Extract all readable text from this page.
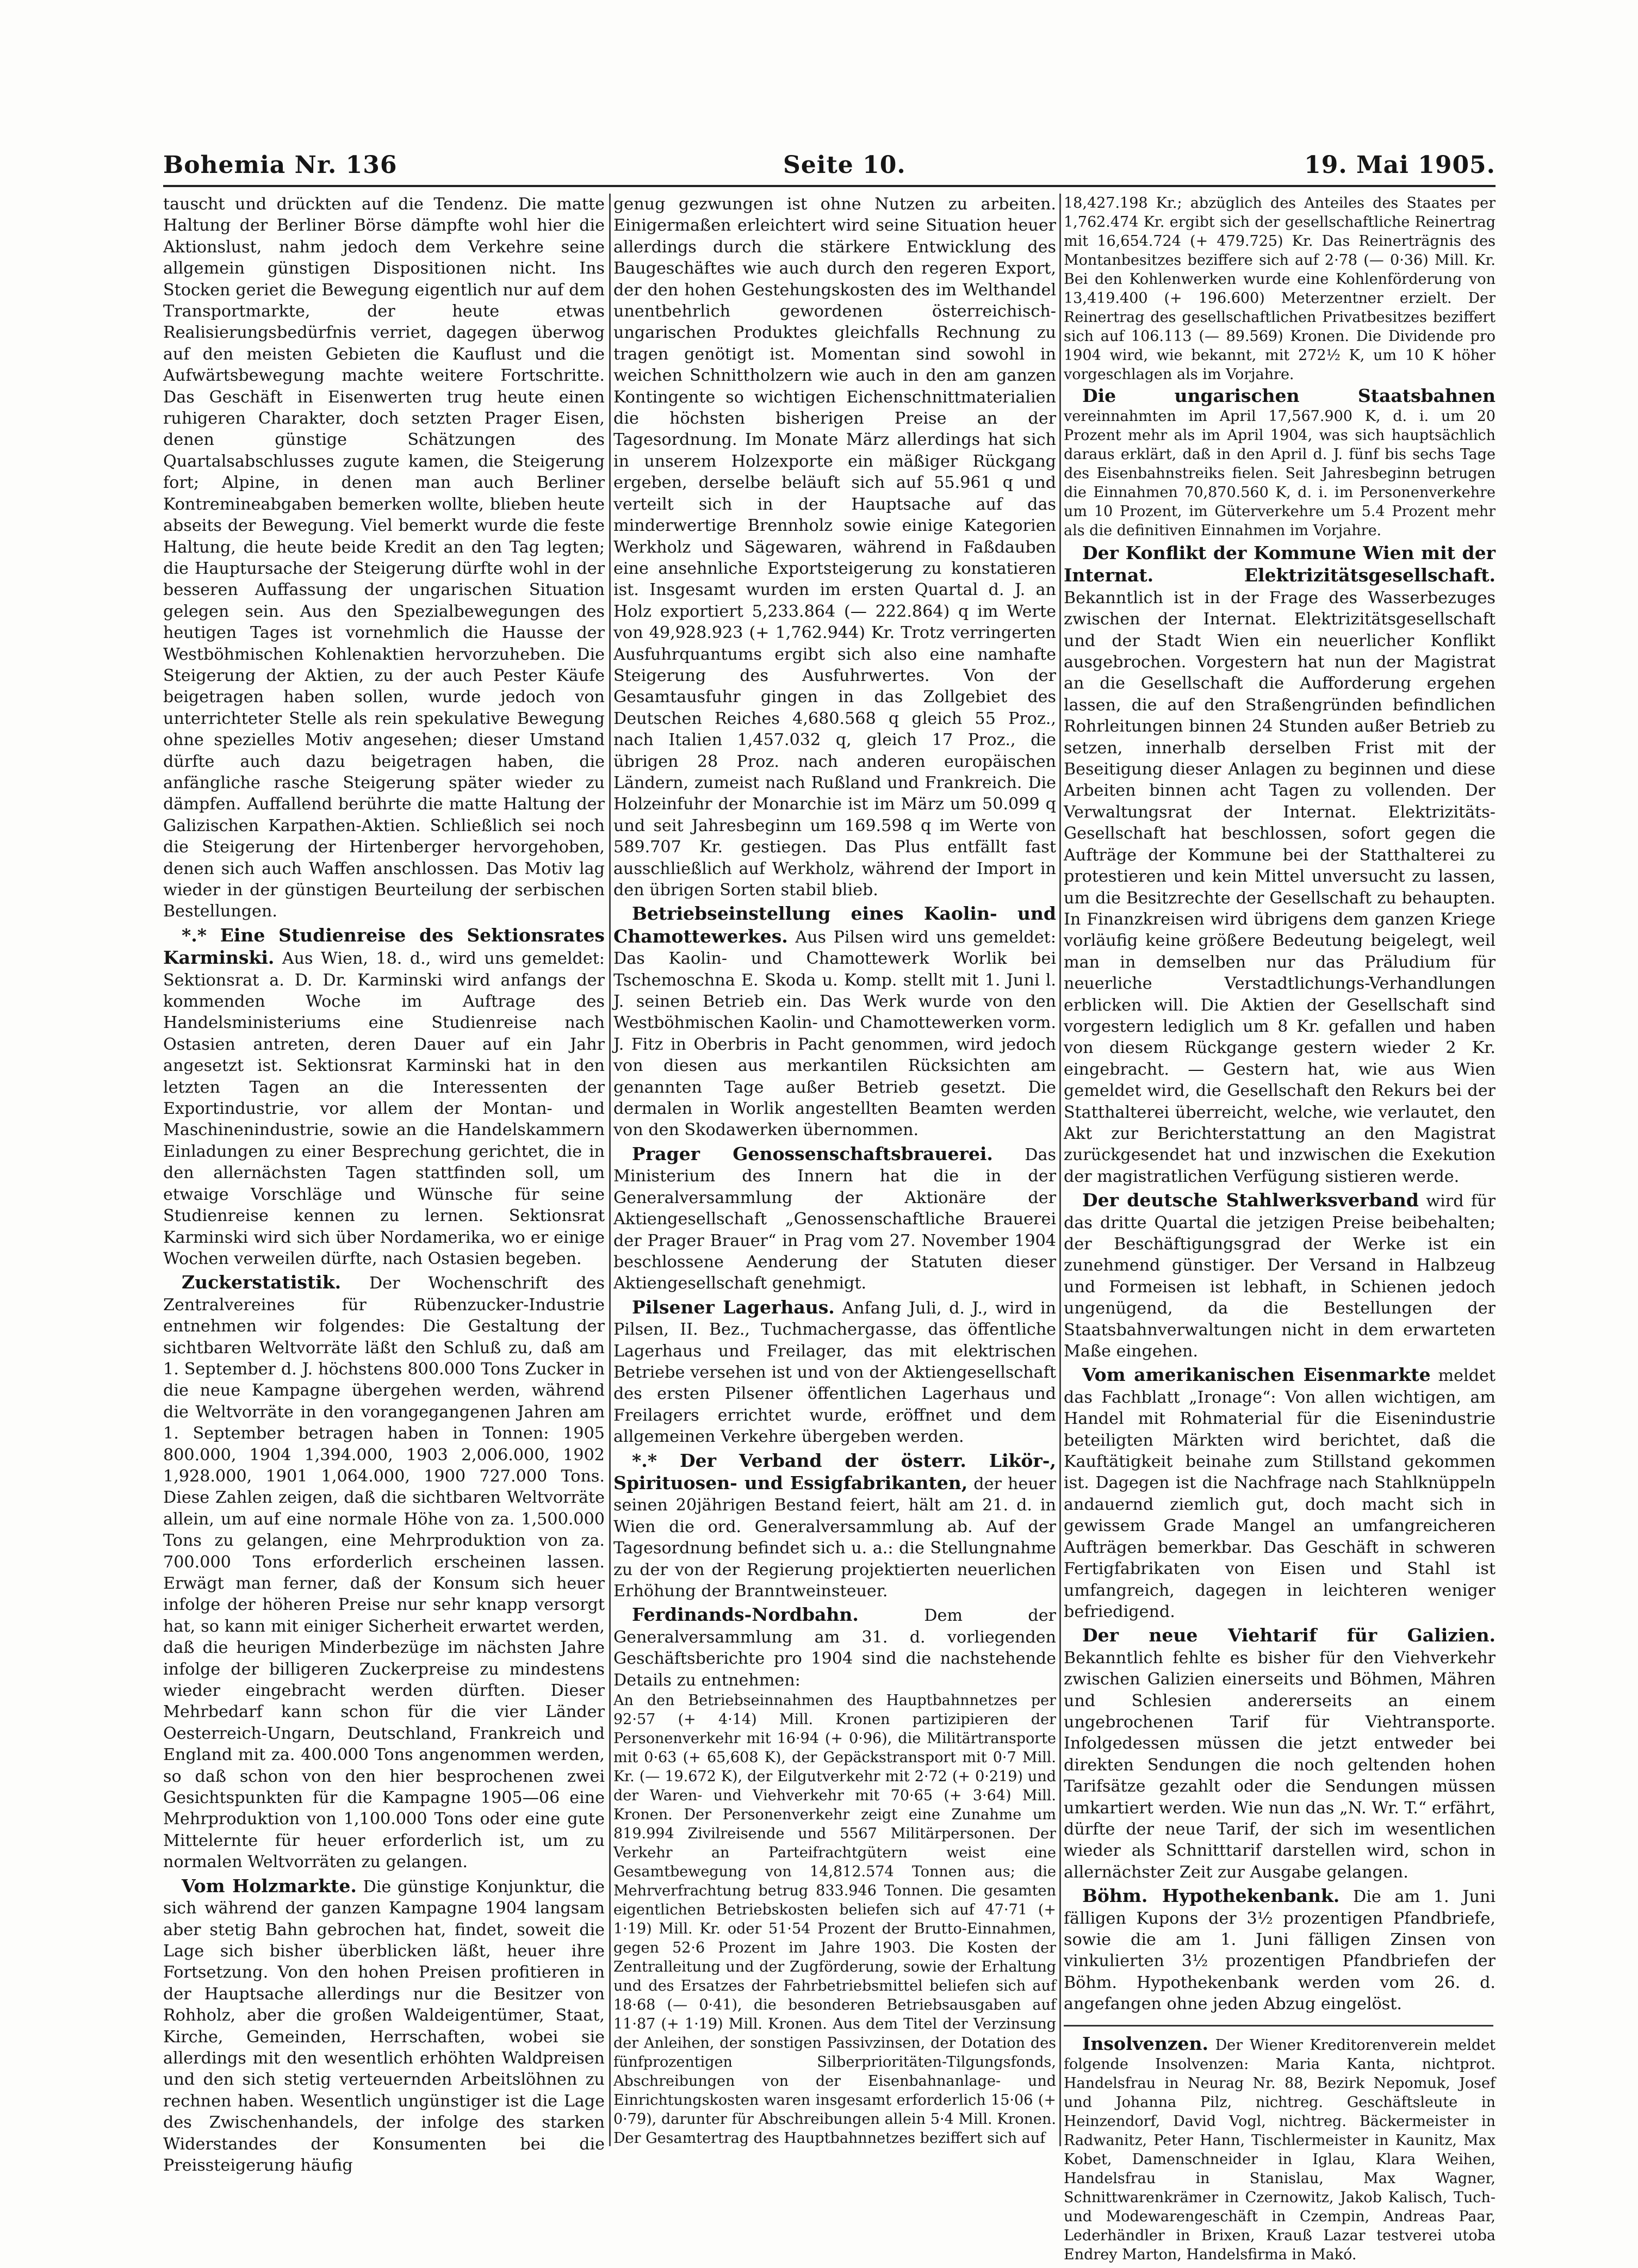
Bohemia Nr. 136	Seite 10.	19. Mai 1905.

tauscht und drückten auf die Tendenz. Die matte Haltung der Berliner Börse dämpfte wohl hier die Aktionslust, nahm jedoch dem Verkehre seine allgemein günstigen Dispositionen nicht. Ins Stocken geriet die Bewegung eigentlich nur auf dem Transportmarkte, der heute etwas Realisierungsbedürfnis verriet, dagegen überwog auf den meisten Gebieten die Kauflust und die Aufwärtsbewegung machte weitere Fortschritte. Das Geschäft in Eisenwerten trug heute einen ruhigeren Charakter, doch setzten Prager Eisen, denen günstige Schätzungen des Quartalsabschlusses zugute kamen, die Steigerung fort; Alpine, in denen man auch Berliner Kontremineabgaben bemerken wollte, blieben heute abseits der Bewegung. Viel bemerkt wurde die feste Haltung, die heute beide Kredit an den Tag legten; die Hauptursache der Steigerung dürfte wohl in der besseren Auffassung der ungarischen Situation gelegen sein. Aus den Spezialbewegungen des heutigen Tages ist vornehmlich die Hausse der Westböhmischen Kohlenaktien hervorzuheben. Die Steigerung der Aktien, zu der auch Pester Käufe beigetragen haben sollen, wurde jedoch von unterrichteter Stelle als rein spekulative Bewegung ohne spezielles Motiv angesehen; dieser Umstand dürfte auch dazu beigetragen haben, die anfängliche rasche Steigerung später wieder zu dämpfen. Auffallend berührte die matte Haltung der Galizischen Karpathen-Aktien. Schließlich sei noch die Steigerung der Hirtenberger hervorgehoben, denen sich auch Waffen anschlossen. Das Motiv lag wieder in der günstigen Beurteilung der serbischen Bestellungen.

*.* Eine Studienreise des Sektionsrates Karminski. Aus Wien, 18. d., wird uns gemeldet: Sektionsrat a. D. Dr. Karminski wird anfangs der kommenden Woche im Auftrage des Handelsministeriums eine Studienreise nach Ostasien antreten, deren Dauer auf ein Jahr angesetzt ist. Sektionsrat Karminski hat in den letzten Tagen an die Interessenten der Exportindustrie, vor allem der Montan- und Maschinenindustrie, sowie an die Handelskammern Einladungen zu einer Besprechung gerichtet, die in den allernächsten Tagen stattfinden soll, um etwaige Vorschläge und Wünsche für seine Studienreise kennen zu lernen. Sektionsrat Karminski wird sich über Nordamerika, wo er einige Wochen verweilen dürfte, nach Ostasien begeben.

Zuckerstatistik. Der Wochenschrift des Zentralvereines für Rübenzucker-Industrie entnehmen wir folgendes: Die Gestaltung der sichtbaren Weltvorräte läßt den Schluß zu, daß am 1. September d. J. höchstens 800.000 Tons Zucker in die neue Kampagne übergehen werden, während die Weltvorräte in den vorangegangenen Jahren am 1. September betragen haben in Tonnen: 1905 800.000, 1904 1,394.000, 1903 2,006.000, 1902 1,928.000, 1901 1,064.000, 1900 727.000 Tons. Diese Zahlen zeigen, daß die sichtbaren Weltvorräte allein, um auf eine normale Höhe von za. 1,500.000 Tons zu gelangen, eine Mehrproduktion von za. 700.000 Tons erforderlich erscheinen lassen. Erwägt man ferner, daß der Konsum sich heuer infolge der höheren Preise nur sehr knapp versorgt hat, so kann mit einiger Sicherheit erwartet werden, daß die heurigen Minderbezüge im nächsten Jahre infolge der billigeren Zuckerpreise zu mindestens wieder eingebracht werden dürften. Dieser Mehrbedarf kann schon für die vier Länder Oesterreich-Ungarn, Deutschland, Frankreich und England mit za. 400.000 Tons angenommen werden, so daß schon von den hier besprochenen zwei Gesichtspunkten für die Kampagne 1905—06 eine Mehrproduktion von 1,100.000 Tons oder eine gute Mittelernte für heuer erforderlich ist, um zu normalen Weltvorräten zu gelangen.

Vom Holzmarkte. Die günstige Konjunktur, die sich während der ganzen Kampagne 1904 langsam aber stetig Bahn gebrochen hat, findet, soweit die Lage sich bisher überblicken läßt, heuer ihre Fortsetzung. Von den hohen Preisen profitieren in der Hauptsache allerdings nur die Besitzer von Rohholz, aber die großen Waldeigentümer, Staat, Kirche, Gemeinden, Herrschaften, wobei sie allerdings mit den wesentlich erhöhten Waldpreisen und den sich stetig verteuernden Arbeitslöhnen zu rechnen haben. Wesentlich ungünstiger ist die Lage des Zwischenhandels, der infolge des starken Widerstandes der Konsumenten bei die Preissteigerung häufig

genug gezwungen ist ohne Nutzen zu arbeiten. Einigermaßen erleichtert wird seine Situation heuer allerdings durch die stärkere Entwicklung des Baugeschäftes wie auch durch den regeren Export, der den hohen Gestehungskosten des im Welthandel unentbehrlich gewordenen österreichisch-ungarischen Produktes gleichfalls Rechnung zu tragen genötigt ist. Momentan sind sowohl in weichen Schnittholzern wie auch in den am ganzen Kontingente so wichtigen Eichenschnittmaterialien die höchsten bisherigen Preise an der Tagesordnung. Im Monate März allerdings hat sich in unserem Holzexporte ein mäßiger Rückgang ergeben, derselbe beläuft sich auf 55.961 q und verteilt sich in der Hauptsache auf das minderwertige Brennholz sowie einige Kategorien Werkholz und Sägewaren, während in Faßdauben eine ansehnliche Exportsteigerung zu konstatieren ist. Insgesamt wurden im ersten Quartal d. J. an Holz exportiert 5,233.864 (— 222.864) q im Werte von 49,928.923 (+ 1,762.944) Kr. Trotz verringerten Ausfuhrquantums ergibt sich also eine namhafte Steigerung des Ausfuhrwertes. Von der Gesamtausfuhr gingen in das Zollgebiet des Deutschen Reiches 4,680.568 q gleich 55 Proz., nach Italien 1,457.032 q, gleich 17 Proz., die übrigen 28 Proz. nach anderen europäischen Ländern, zumeist nach Rußland und Frankreich. Die Holzeinfuhr der Monarchie ist im März um 50.099 q und seit Jahresbeginn um 169.598 q im Werte von 589.707 Kr. gestiegen. Das Plus entfällt fast ausschließlich auf Werkholz, während der Import in den übrigen Sorten stabil blieb.

Betriebseinstellung eines Kaolin- und Chamottewerkes. Aus Pilsen wird uns gemeldet: Das Kaolin- und Chamottewerk Worlik bei Tschemoschna E. Skoda u. Komp. stellt mit 1. Juni l. J. seinen Betrieb ein. Das Werk wurde von den Westböhmischen Kaolin- und Chamottewerken vorm. J. Fitz in Oberbris in Pacht genommen, wird jedoch von diesen aus merkantilen Rücksichten am genannten Tage außer Betrieb gesetzt. Die dermalen in Worlik angestellten Beamten werden von den Skodawerken übernommen.

Prager Genossenschaftsbrauerei. Das Ministerium des Innern hat die in der Generalversammlung der Aktionäre der Aktiengesellschaft „Genossenschaftliche Brauerei der Prager Brauer“ in Prag vom 27. November 1904 beschlossene Aenderung der Statuten dieser Aktiengesellschaft genehmigt.

Pilsener Lagerhaus. Anfang Juli, d. J., wird in Pilsen, II. Bez., Tuchmachergasse, das öffentliche Lagerhaus und Freilager, das mit elektrischen Betriebe versehen ist und von der Aktiengesellschaft des ersten Pilsener öffentlichen Lagerhaus und Freilagers errichtet wurde, eröffnet und dem allgemeinen Verkehre übergeben werden.

*.* Der Verband der österr. Likör-, Spirituosen- und Essigfabrikanten, der heuer seinen 20jährigen Bestand feiert, hält am 21. d. in Wien die ord. Generalversammlung ab. Auf der Tagesordnung befindet sich u. a.: die Stellungnahme zu der von der Regierung projektierten neuerlichen Erhöhung der Branntweinsteuer.

Ferdinands-Nordbahn.	Dem der Generalversammlung am 31. d. vorliegenden Geschäftsberichte pro 1904 sind die nachstehende Details zu entnehmen:

An den Betriebseinnahmen des Hauptbahnnetzes per 92·57 (+ 4·14) Mill. Kronen partizipieren der Personenverkehr mit 16·94 (+ 0·96), die Militärtransporte mit 0·63 (+ 65,608 K), der Gepäckstransport mit 0·7 Mill. Kr. (— 19.672 K), der Eilgutverkehr mit 2·72 (+ 0·219) und der Waren- und Viehverkehr mit 70·65 (+ 3·64) Mill. Kronen. Der Personenverkehr zeigt eine Zunahme um 819.994 Zivilreisende und 5567 Militärpersonen. Der Verkehr an Parteifrachtgütern weist eine Gesamtbewegung von 14,812.574 Tonnen aus; die Mehrverfrachtung betrug 833.946 Tonnen. Die gesamten eigentlichen Betriebskosten beliefen sich auf 47·71 (+ 1·19) Mill. Kr. oder 51·54 Prozent der Brutto-Einnahmen, gegen 52·6 Prozent im Jahre 1903. Die Kosten der Zentralleitung und der Zugförderung, sowie der Erhaltung und des Ersatzes der Fahrbetriebsmittel beliefen sich auf 18·68 (— 0·41), die besonderen Betriebsausgaben auf 11·87 (+ 1·19) Mill. Kronen. Aus dem Titel der Verzinsung der Anleihen, der sonstigen Passivzinsen, der Dotation des fünfprozentigen Silberprioritäten-Tilgungsfonds, Abschreibungen von der Eisenbahnanlage- und Einrichtungskosten waren insgesamt erforderlich 15·06 (+ 0·79), darunter für Abschreibungen allein 5·4 Mill. Kronen. Der Gesamtertrag des Hauptbahnnetzes beziffert sich auf

18,427.198 Kr.; abzüglich des Anteiles des Staates per 1,762.474 Kr. ergibt sich der gesellschaftliche Reinertrag mit 16,654.724 (+ 479.725) Kr. Das Reinerträgnis des Montanbesitzes beziffere sich auf 2·78 (— 0·36) Mill. Kr. Bei den Kohlenwerken wurde eine Kohlenförderung von 13,419.400 (+ 196.600) Meterzentner erzielt. Der Reinertrag des gesellschaftlichen Privatbesitzes beziffert sich auf 106.113 (— 89.569) Kronen. Die Dividende pro 1904 wird, wie bekannt, mit 272½ K, um 10 K höher vorgeschlagen als im Vorjahre.

Die ungarischen Staatsbahnen vereinnahmten im April 17,567.900 K, d. i. um 20 Prozent mehr als im April 1904, was sich hauptsächlich daraus erklärt, daß in den April d. J. fünf bis sechs Tage des Eisenbahnstreiks fielen. Seit Jahresbeginn betrugen die Einnahmen 70,870.560 K, d. i. im Personenverkehre um 10 Prozent, im Güterverkehre um 5.4 Prozent mehr als die definitiven Einnahmen im Vorjahre.

Der Konflikt der Kommune Wien mit der Internat. Elektrizitätsgesellschaft. Bekanntlich ist in der Frage des Wasserbezuges zwischen der Internat. Elektrizitätsgesellschaft und der Stadt Wien ein neuerlicher Konflikt ausgebrochen. Vorgestern hat nun der Magistrat an die Gesellschaft die Aufforderung ergehen lassen, die auf den Straßengründen befindlichen Rohrleitungen binnen 24 Stunden außer Betrieb zu setzen, innerhalb derselben Frist mit der Beseitigung dieser Anlagen zu beginnen und diese Arbeiten binnen acht Tagen zu vollenden. Der Verwaltungsrat der Internat. Elektrizitäts-Gesellschaft hat beschlossen, sofort gegen die Aufträge der Kommune bei der Statthalterei zu protestieren und kein Mittel unversucht zu lassen, um die Besitzrechte der Gesellschaft zu behaupten. In Finanzkreisen wird übrigens dem ganzen Kriege vorläufig keine größere Bedeutung beigelegt, weil man in demselben nur das Präludium für neuerliche Verstadtlichungs-Verhandlungen erblicken will. Die Aktien der Gesellschaft sind vorgestern lediglich um 8 Kr. gefallen und haben von diesem Rückgange gestern wieder 2 Kr. eingebracht. — Gestern hat, wie aus Wien gemeldet wird, die Gesellschaft den Rekurs bei der Statthalterei überreicht, welche, wie verlautet, den Akt zur Berichterstattung an den Magistrat zurückgesendet hat und inzwischen die Exekution der magistratlichen Verfügung sistieren werde.

Der deutsche Stahlwerksverband wird für das dritte Quartal die jetzigen Preise beibehalten; der Beschäftigungsgrad der Werke ist ein zunehmend günstiger. Der Versand in Halbzeug und Formeisen ist lebhaft, in Schienen jedoch ungenügend, da die Bestellungen der Staatsbahnverwaltungen nicht in dem erwarteten Maße eingehen.

Vom amerikanischen Eisenmarkte meldet das Fachblatt „Ironage“: Von allen wichtigen, am Handel mit Rohmaterial für die Eisenindustrie beteiligten Märkten wird berichtet, daß die Kauftätigkeit beinahe zum Stillstand gekommen ist. Dagegen ist die Nachfrage nach Stahlknüppeln andauernd ziemlich gut, doch macht sich in gewissem Grade Mangel an umfangreicheren Aufträgen bemerkbar. Das Geschäft in schweren Fertigfabrikaten von Eisen und Stahl ist umfangreich, dagegen in leichteren weniger befriedigend.

Der neue Viehtarif für Galizien. Bekanntlich fehlte es bisher für den Viehverkehr zwischen Galizien einerseits und Böhmen, Mähren und Schlesien andererseits an einem ungebrochenen Tarif für Viehtransporte. Infolgedessen müssen die jetzt entweder bei direkten Sendungen die noch geltenden hohen Tarifsätze gezahlt oder die Sendungen müssen umkartiert werden. Wie nun das „N. Wr. T.“ erfährt, dürfte der neue Tarif, der sich im wesentlichen wieder als Schnitttarif darstellen wird, schon in allernächster Zeit zur Ausgabe gelangen.

Böhm. Hypothekenbank. Die am 1. Juni fälligen Kupons der 3½ prozentigen Pfandbriefe, sowie die am 1. Juni fälligen Zinsen von vinkulierten 3½ prozentigen Pfandbriefen der Böhm. Hypothekenbank werden vom 26. d. angefangen ohne jeden Abzug eingelöst.

Insolvenzen. Der Wiener Kreditorenverein meldet folgende Insolvenzen: Maria Kanta, nichtprot. Handelsfrau in Neurag Nr. 88, Bezirk Nepomuk, Josef und Johanna Pilz, nichtreg. Geschäftsleute in Heinzendorf, David Vogl, nichtreg. Bäckermeister in Radwanitz, Peter Hann, Tischlermeister in Kaunitz, Max Kobet, Damenschneider in Iglau, Klara Weihen, Handelsfrau in Stanislau, Max Wagner, Schnittwarenkrämer in Czernowitz, Jakob Kalisch, Tuch- und Modewarengeschäft in Czempin, Andreas Paar, Lederhändler in Brixen, Krauß Lazar testverei utoba Endrey Marton, Handelsfirma in Makó.
